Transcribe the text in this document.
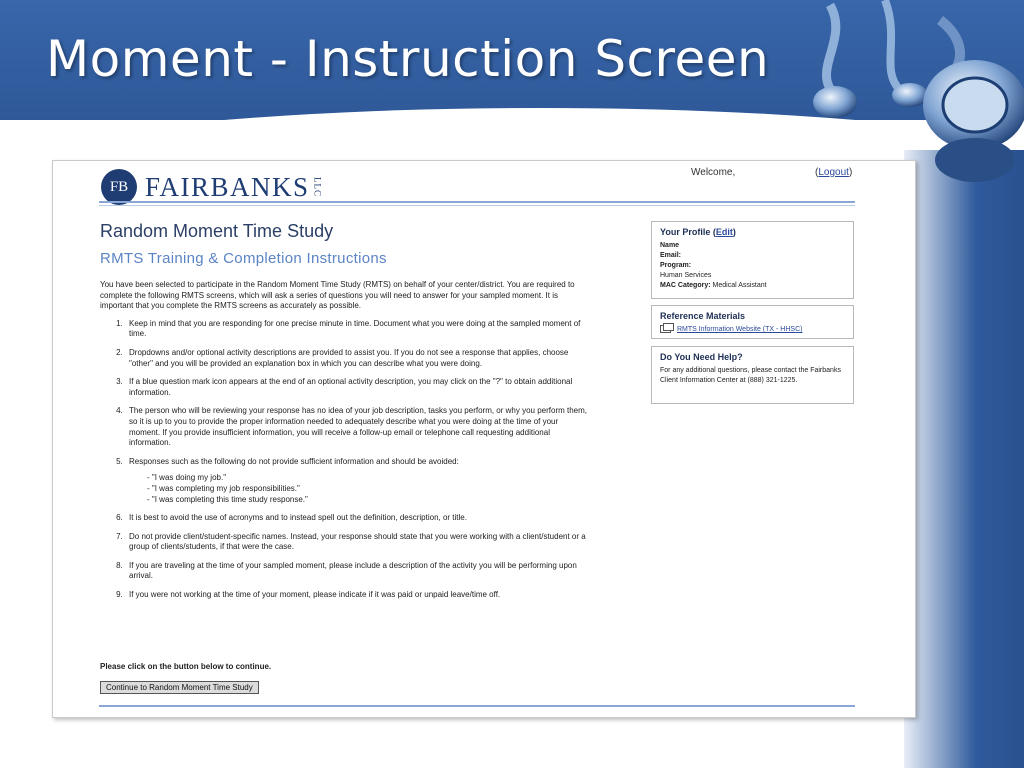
Moment - Instruction Screen
FB FAIRBANKS LLC
Welcome,	(Logout)
Random Moment Time Study
RMTS Training & Completion Instructions

You have been selected to participate in the Random Moment Time Study (RMTS) on behalf of your center/district. You are required to complete the following RMTS screens, which will ask a series of questions you will need to answer for your sampled moment. It is important that you complete the RMTS screens as accurately as possible.

1. Keep in mind that you are responding for one precise minute in time. Document what you were doing at the sampled moment of time.
2. Dropdowns and/or optional activity descriptions are provided to assist you. If you do not see a response that applies, choose "other" and you will be provided an explanation box in which you can describe what you were doing.
3. If a blue question mark icon appears at the end of an optional activity description, you may click on the "?" to obtain additional information.
4. The person who will be reviewing your response has no idea of your job description, tasks you perform, or why you perform them, so it is up to you to provide the proper information needed to adequately describe what you were doing at the time of your moment. If you provide insufficient information, you will receive a follow-up email or telephone call requesting additional information.
5. Responses such as the following do not provide sufficient information and should be avoided:
- "I was doing my job."
- "I was completing my job responsibilities."
- "I was completing this time study response."
6. It is best to avoid the use of acronyms and to instead spell out the definition, description, or title.
7. Do not provide client/student-specific names. Instead, your response should state that you were working with a client/student or a group of clients/students, if that were the case.
8. If you are traveling at the time of your sampled moment, please include a description of the activity you will be performing upon arrival.
9. If you were not working at the time of your moment, please indicate if it was paid or unpaid leave/time off.
Please click on the button below to continue.
Continue to Random Moment Time Study
Your Profile (Edit)
Name
Email:
Program:
Human Services
MAC Category: Medical Assistant
Reference Materials
RMTS Information Website (TX - HHSC)
Do You Need Help?
For any additional questions, please contact the Fairbanks Client Information Center at (888) 321-1225.
35
